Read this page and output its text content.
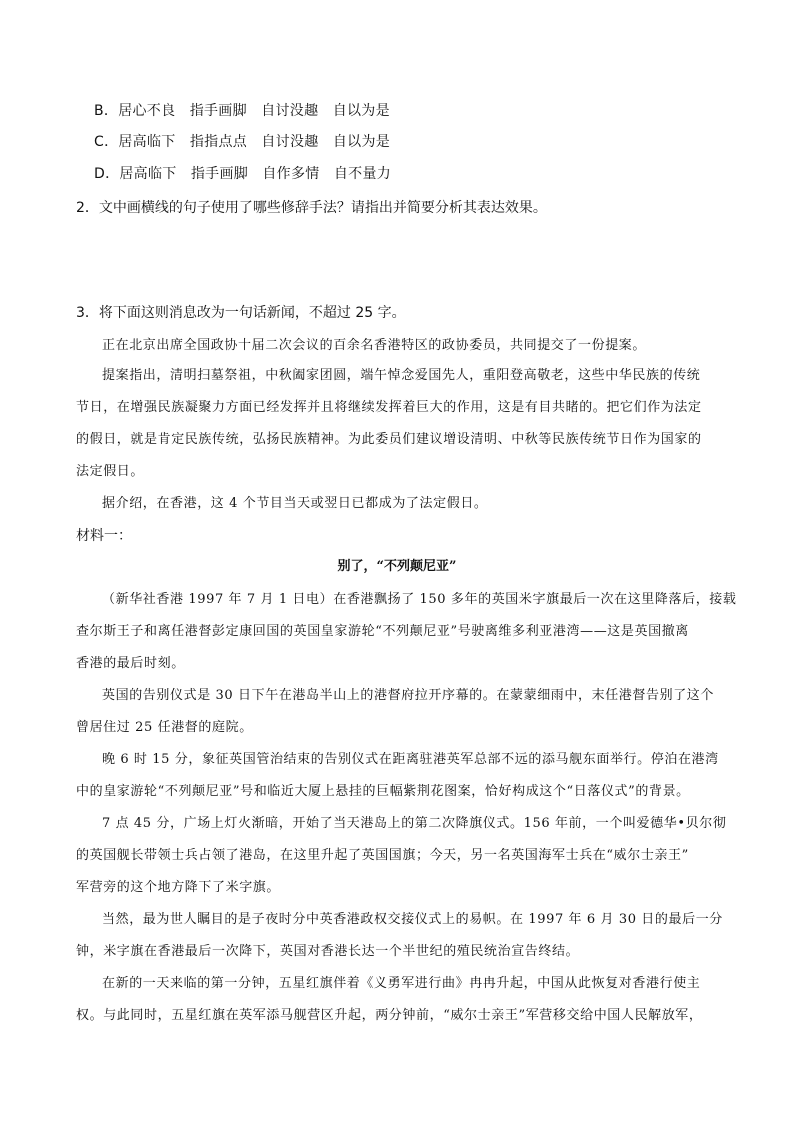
B．居心不良　指手画脚　自讨没趣　自以为是
C．居高临下　指指点点　自讨没趣　自以为是
D．居高临下　指手画脚　自作多情　自不量力
2．文中画横线的句子使用了哪些修辞手法？请指出并简要分析其表达效果。
3．将下面这则消息改为一句话新闻，不超过 25 字。
正在北京出席全国政协十届二次会议的百余名香港特区的政协委员，共同提交了一份提案。
提案指出，清明扫墓祭祖，中秋阖家团圆，端午悼念爱国先人，重阳登高敬老，这些中华民族的传统
节日，在增强民族凝聚力方面已经发挥并且将继续发挥着巨大的作用，这是有目共睹的。把它们作为法定
的假日，就是肯定民族传统，弘扬民族精神。为此委员们建议增设清明、中秋等民族传统节日作为国家的
法定假日。
据介绍，在香港，这 4 个节目当天或翌日已都成为了法定假日。
材料一：
别了，“不列颠尼亚”
（新华社香港 1997 年 7 月 1 日电）在香港飘扬了 150 多年的英国米字旗最后一次在这里降落后，接载
查尔斯王子和离任港督彭定康回国的英国皇家游轮“不列颠尼亚”号驶离维多利亚港湾——这是英国撤离
香港的最后时刻。
英国的告别仪式是 30 日下午在港岛半山上的港督府拉开序幕的。在蒙蒙细雨中，末任港督告别了这个
曾居住过 25 任港督的庭院。
晚 6 时 15 分，象征英国管治结束的告别仪式在距离驻港英军总部不远的添马舰东面举行。停泊在港湾
中的皇家游轮“不列颠尼亚”号和临近大厦上悬挂的巨幅紫荆花图案，恰好构成这个“日落仪式”的背景。
7 点 45 分，广场上灯火渐暗，开始了当天港岛上的第二次降旗仪式。156 年前，一个叫爱德华•贝尔彻
的英国舰长带领士兵占领了港岛，在这里升起了英国国旗；今天，另一名英国海军士兵在“威尔士亲王”
军营旁的这个地方降下了米字旗。
当然，最为世人瞩目的是子夜时分中英香港政权交接仪式上的易帜。在 1997 年 6 月 30 日的最后一分
钟，米字旗在香港最后一次降下，英国对香港长达一个半世纪的殖民统治宣告终结。
在新的一天来临的第一分钟，五星红旗伴着《义勇军进行曲》冉冉升起，中国从此恢复对香港行使主
权。与此同时，五星红旗在英军添马舰营区升起，两分钟前，“威尔士亲王”军营移交给中国人民解放军，
